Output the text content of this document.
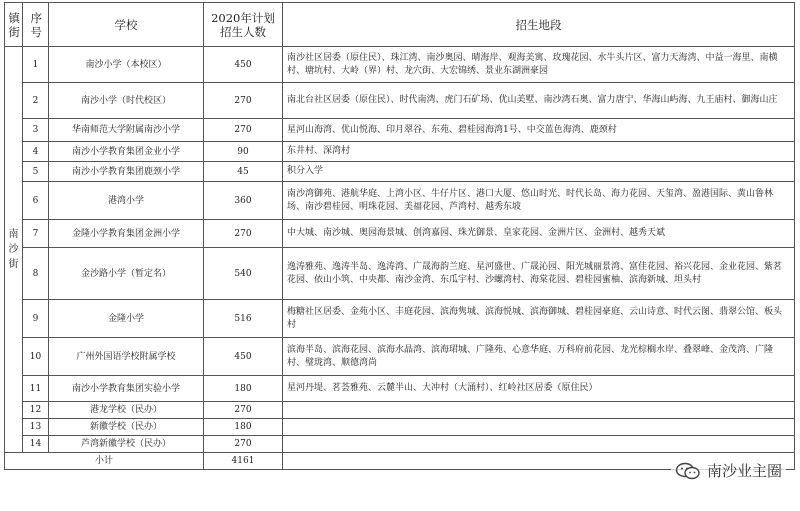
镇街	序号	学校	2020年计划招生人数	招生地段

南沙街	1	南沙小学（本校区）	450	南沙社区居委（原住民）、珠江湾、南沙奥园、晴海岸、观海美寓、玫瑰花园、水牛头片区、富力天海湾、中益一海里、南横村、塘坑村、大岭（界）村、龙穴街、大宏锦绣、景业东湖洲豪园
	2	南沙小学（时代校区）	270	南北台社区居委（原住民）、时代南湾、虎门石矿场、优山美墅、南沙湾石奥、富力唐宁、华海山屿海、九王庙村、御海山庄
	3	华南师范大学附属南沙小学	270	星河山海湾、优山悦海、印月翠谷、东苑、碧桂园海湾1号、中交蓝色海湾、鹿颈村
	4	南沙小学教育集团金业小学	90	东井村、深湾村
	5	南沙小学教育集团鹿颈小学	45	积分入学
	6	港湾小学	360	南沙湾御苑、港航华庭、上湾小区、牛仔片区、港口大厦、悠山时光、时代长岛、海力花园、天玺湾、盈港国际、黄山鲁林场、南沙碧桂园、明珠花园、美福花园、芦湾村、越秀东坡
	7	金隆小学教育集团金洲小学	270	中大城、南沙城、奥园海景城、创湾嘉园、珠光御景、皇家花园、金洲片区、金洲村、越秀天斌
	8	金沙路小学（暂定名）	540	逸涛雅苑、逸涛半岛、逸涛湾、广晟海韵兰庭、星河盛世、广晟沁园、阳光城丽景湾、富佳花园、裕兴花园、金业花园、紫茗花园、依山小筑、中央都、南沙金湾、东瓜宇村、沙螺湾村、海棠花园、碧桂园蜜柚、滨海新城、坦头村
	9	金隆小学	516	梅糖社区居委、金苑小区、丰庭花园、滨海隽城、滨海悦城、滨海御城、碧桂园豪庭、云山诗意、时代云图、翡翠公馆、板头村
	10	广州外国语学校附属学校	450	滨海半岛、滨海花园、滨海水晶湾、滨海珺城、广隆苑、心意华庭、万科府前花园、龙光棕榈水岸、叠翠峰、金茂湾、广隆村、璧珑湾、顺德湾尚
	11	南沙小学教育集团实验小学	180	星河丹堤、茗荟雅苑、云麓半山、大冲村（大涌村）、红岭社区居委（原住民）
	12	港龙学校（民办）	270	
	13	新徽学校（民办）	180	
	14	芦湾新徽学校（民办）	270	
小计			4161	
南沙业主圈
